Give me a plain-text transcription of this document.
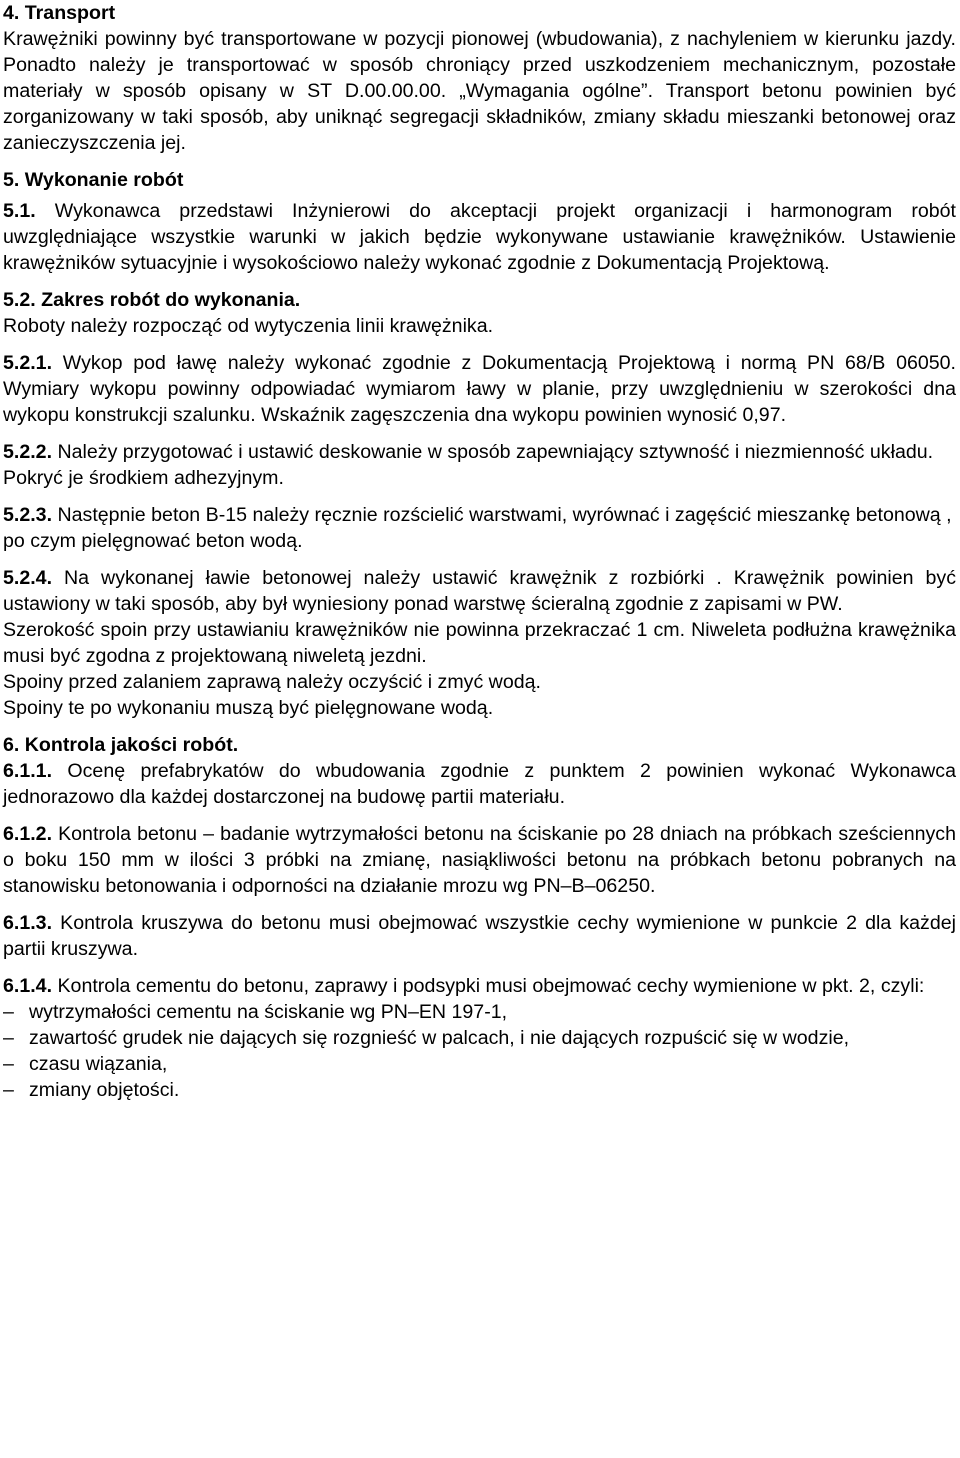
4. Transport
Krawężniki powinny być transportowane w pozycji pionowej (wbudowania), z nachyleniem w kierunku jazdy. Ponadto należy je transportować w sposób chroniący przed uszkodzeniem mechanicznym, pozostałe materiały w sposób opisany w ST D.00.00.00. „Wymagania ogólne”. Transport betonu powinien być zorganizowany w taki sposób, aby uniknąć segregacji składników, zmiany składu mieszanki betonowej oraz zanieczyszczenia jej.
5. Wykonanie robót
5.1. Wykonawca przedstawi Inżynierowi do akceptacji projekt organizacji i harmonogram robót uwzględniające wszystkie warunki w jakich będzie wykonywane ustawianie krawężników. Ustawienie krawężników sytuacyjnie i wysokościowo należy wykonać zgodnie z Dokumentacją Projektową.
5.2. Zakres robót do wykonania.
Roboty należy rozpocząć od wytyczenia linii krawężnika.
5.2.1. Wykop pod ławę należy wykonać zgodnie z Dokumentacją Projektową i normą PN 68/B 06050. Wymiary wykopu powinny odpowiadać wymiarom ławy w planie, przy uwzględnieniu w szerokości dna wykopu konstrukcji szalunku. Wskaźnik zagęszczenia dna wykopu powinien wynosić 0,97.
5.2.2. Należy przygotować i ustawić deskowanie w sposób zapewniający sztywność i niezmienność układu. Pokryć je środkiem adhezyjnym.
5.2.3. Następnie beton B-15 należy ręcznie rozścielić warstwami, wyrównać i zagęścić mieszankę betonową , po czym pielęgnować beton wodą.
5.2.4. Na wykonanej ławie betonowej należy ustawić krawężnik z rozbiórki . Krawężnik powinien być ustawiony w taki sposób, aby był wyniesiony ponad warstwę ścieralną zgodnie z zapisami w PW.
Szerokość spoin przy ustawianiu krawężników nie powinna przekraczać 1 cm. Niweleta podłużna krawężnika musi być zgodna z projektowaną niweletą jezdni.
Spoiny przed zalaniem zaprawą należy oczyścić i zmyć wodą.
Spoiny te po wykonaniu muszą być pielęgnowane wodą.
6. Kontrola jakości robót.
6.1.1. Ocenę prefabrykatów do wbudowania zgodnie z punktem 2 powinien wykonać Wykonawca jednorazowo dla każdej dostarczonej na budowę partii materiału.
6.1.2. Kontrola betonu – badanie wytrzymałości betonu na ściskanie po 28 dniach na próbkach sześciennych o boku 150 mm w ilości 3 próbki na zmianę, nasiąkliwości betonu na próbkach betonu pobranych na stanowisku betonowania i odporności na działanie mrozu wg PN–B–06250.
6.1.3. Kontrola kruszywa do betonu musi obejmować wszystkie cechy wymienione w punkcie 2 dla każdej partii kruszywa.
6.1.4. Kontrola cementu do betonu, zaprawy i podsypki musi obejmować cechy wymienione w pkt. 2, czyli:
– wytrzymałości cementu na ściskanie wg PN–EN 197-1,
– zawartość grudek nie dających się rozgnieść w palcach, i nie dających rozpuścić się w wodzie,
– czasu wiązania,
– zmiany objętości.
